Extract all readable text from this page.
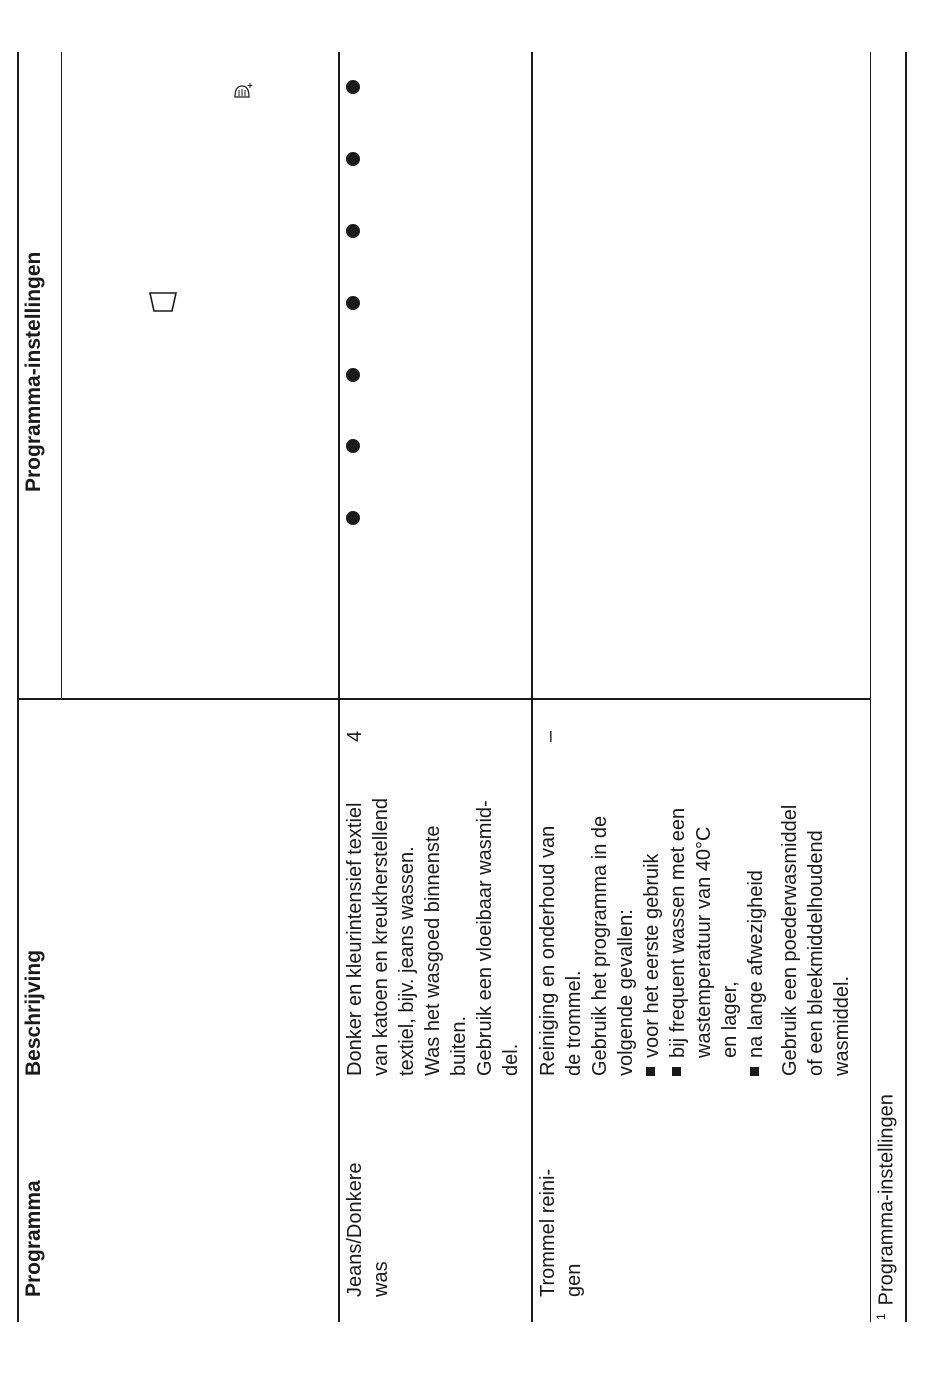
Programma
Beschrijving
Programma-instellingen
Jeans/Donkere was
Donker en kleurintensief textiel van katoen en kreukherstellend textiel, bijv. jeans wassen. Was het wasgoed binnenste buiten. Gebruik een vloeibaar wasmid- del.
4
Trommel reini- gen
Reiniging en onderhoud van de trommel. Gebruik het programma in de volgende gevallen: voor het eerste gebruik bij frequent wassen met een wastemperatuur van 40°C en lager, na lange afwezigheid Gebruik een poederwasmiddel of een bleekmiddelhoudend wasmiddel.
–
$^1$Programma-instellingen
